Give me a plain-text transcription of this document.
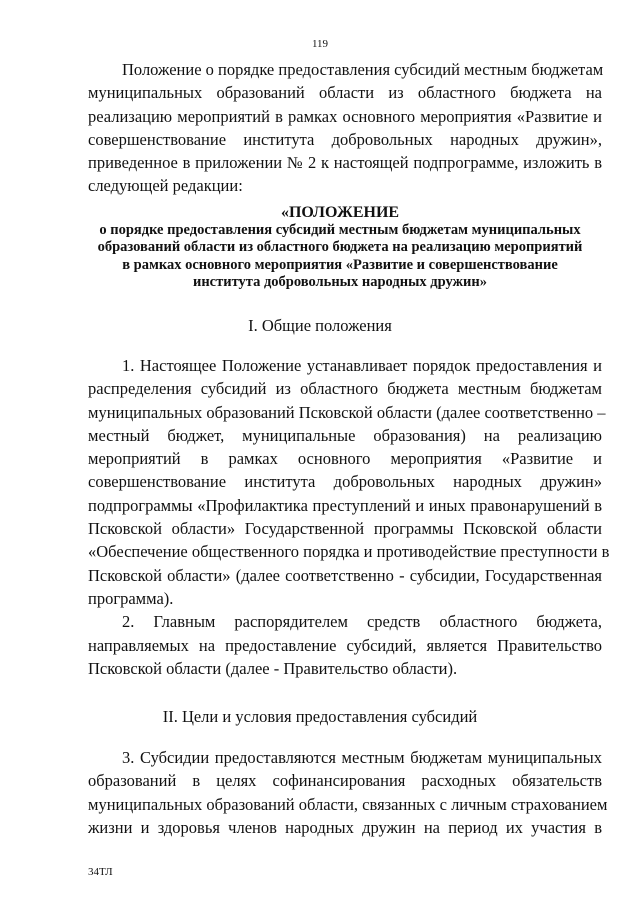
119
Положение о порядке предоставления субсидий местным бюджетам
муниципальных образований области из областного бюджета на
реализацию мероприятий в рамках основного мероприятия «Развитие и
совершенствование института добровольных народных дружин»,
приведенное в приложении № 2 к настоящей подпрограмме, изложить в
следующей редакции:
«ПОЛОЖЕНИЕ
о порядке предоставления субсидий местным бюджетам муниципальных
образований области из областного бюджета на реализацию мероприятий
в рамках основного мероприятия «Развитие и совершенствование
института добровольных народных дружин»
I. Общие положения
1. Настоящее Положение устанавливает порядок предоставления и
распределения субсидий из областного бюджета местным бюджетам
муниципальных образований Псковской области (далее соответственно –
местный бюджет, муниципальные образования) на реализацию
мероприятий в рамках основного мероприятия «Развитие и
совершенствование института добровольных народных дружин»
подпрограммы «Профилактика преступлений и иных правонарушений в
Псковской области» Государственной программы Псковской области
«Обеспечение общественного порядка и противодействие преступности в
Псковской области» (далее соответственно - субсидии, Государственная
программа).
2. Главным распорядителем средств областного бюджета,
направляемых на предоставление субсидий, является Правительство
Псковской области (далее - Правительство области).
II. Цели и условия предоставления субсидий
3. Субсидии предоставляются местным бюджетам муниципальных
образований в целях софинансирования расходных обязательств
муниципальных образований области, связанных с личным страхованием
жизни и здоровья членов народных дружин на период их участия в
34ТЛ
